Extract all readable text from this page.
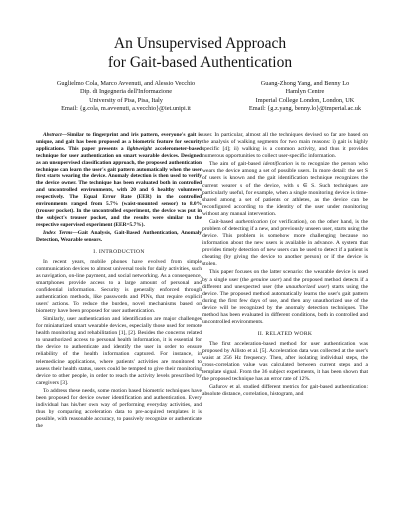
An Unsupervised Approach
for Gait-based Authentication
Guglielmo Cola, Marco Avvenuti, and Alessio Vecchio
Dip. di Ingegneria dell'Informazione
University of Pisa, Pisa, Italy
Email: {g.cola, m.avvenuti, a.vecchio}@iet.unipi.it
Guang-Zhong Yang, and Benny Lo
Hamlyn Centre
Imperial College London, London, UK
Email: {g.z.yang, benny.lo}@imperial.ac.uk

Abstract—Similar to fingerprint and iris pattern, everyone's gait is unique, and gait has been proposed as a biometric feature for security applications. This paper presents a lightweight accelerometer-based technique for user authentication on smart wearable devices. Designed as an unsupervised classification approach, the proposed authentication technique can learn the user's gait pattern automatically when the user first starts wearing the device. Anomaly detection is then used to verify the device owner. The technique has been evaluated both in controlled and uncontrolled environments, with 20 and 6 healthy volunteers respectively. The Equal Error Rate (EER) in the controlled environments ranged from 5.7% (waist-mounted sensor) to 8.0% (trouser pocket). In the uncontrolled experiment, the device was put in the subject's trouser pocket, and the results were similar to the respective supervised experiment (EER=5.7%).

Index Terms—Gait Analysis, Gait-Based Authentication, Anomaly Detection, Wearable sensors.

I. INTRODUCTION

In recent years, mobile phones have evolved from simple communication devices to almost universal tools for daily activities, such as navigation, on-line payment, and social networking. As a consequence, smartphones provide access to a large amount of personal and confidential information. Security is generally enforced through authentication methods, like passwords and PINs, that require explicit users' actions. To reduce the burden, novel mechanisms based on biometry have been proposed for user authentication.

Similarly, user authentication and identification are major challenges for miniaturized smart wearable devices, especially those used for remote health monitoring and rehabilitation [1], [2]. Besides the concerns related to unauthorized access to personal health information, it is essential for the device to authenticate and identify the user in order to ensure reliability of the health information captured. For instance, in telemedicine applications, where patients' activities are monitored to assess their health status, users could be tempted to give their monitoring device to other people, in order to reach the activity levels prescribed by caregivers [3].

To address these needs, some motion based biometric techniques have been proposed for device owner identification and authentication. Every individual has his/her own way of performing everyday activities, and thus by comparing acceleration data to pre-acquired templates it is possible, with reasonable accuracy, to passively recognize or authenticate the

user. In particular, almost all the techniques devised so far are based on the analysis of walking segments for two main reasons: i) gait is highly specific [4]; ii) walking is a common activity, and thus it provides numerous opportunities to collect user-specific information.

The aim of gait-based identification is to recognize the person who wears the device among a set of possible users. In more detail: the set S of users is known and the gait identification technique recognizes the current wearer s of the device, with s ∈ S. Such techniques are particularly useful, for example, when a single monitoring device is time-shared among a set of patients or athletes, as the device can be reconfigured according to the identity of the user under monitoring without any manual intervention.

Gait-based authentication (or verification), on the other hand, is the problem of detecting if a new, and previously unseen user, starts using the device. This problem is somehow more challenging because no information about the new users is available in advance. A system that provides timely detection of new users can be used to detect if a patient is cheating (by giving the device to another person) or if the device is stolen.

This paper focuses on the latter scenario: the wearable device is used by a single user (the genuine user) and the proposed method detects if a different and unexpected user (the unauthorized user) starts using the device. The proposed method automatically learns the user's gait pattern during the first few days of use, and then any unauthorized use of the device will be recognized by the anomaly detection techniques. The method has been evaluated in different conditions, both in controlled and uncontrolled environments.

II. RELATED WORK

The first acceleration-based method for user authentication was proposed by Ailisto et al. [5]. Acceleration data was collected at the user's waist at 256 Hz frequency. Then, after isolating individual steps, the cross-correlation value was calculated between current steps and a template signal. From the 36 subject experiments, it has been shown that the proposed technique has an error rate of 12%.

Gafurov et al. studied different metrics for gait-based authentication: absolute distance, correlation, histogram, and
